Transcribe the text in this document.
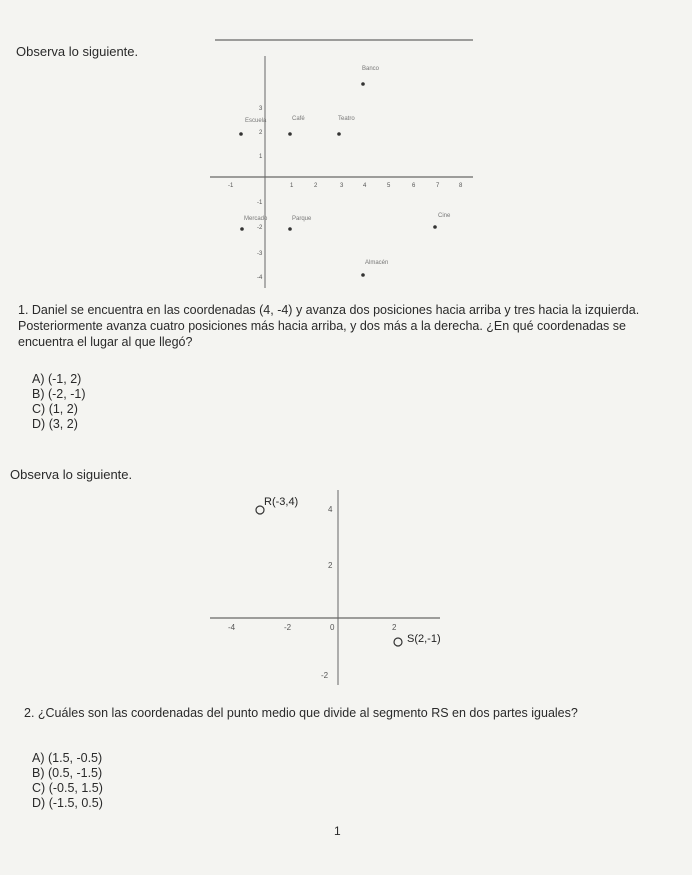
Observa lo siguiente.
-1	1	2	3	4	5	6	7	8
3
2
1
-1
-2
-3
-4
Banco
Escuela	Café	Teatro
Mercado	Parque	Cine
Almacén
1. Daniel se encuentra en las coordenadas (4, -4) y avanza dos posiciones hacia arriba y tres hacia la izquierda. Posteriormente avanza cuatro posiciones más hacia arriba, y dos más a la derecha. ¿En qué coordenadas se encuentra el lugar al que llegó?
A) (-1, 2)
B) (-2, -1)
C) (1, 2)
D) (3, 2)
Observa lo siguiente.
R(-3,4)
S(2,-1)
-4	-2	0	2
4
2
-2
2. ¿Cuáles son las coordenadas del punto medio que divide al segmento RS en dos partes iguales?
A) (1.5, -0.5)
B) (0.5, -1.5)
C) (-0.5, 1.5)
D) (-1.5, 0.5)
1
